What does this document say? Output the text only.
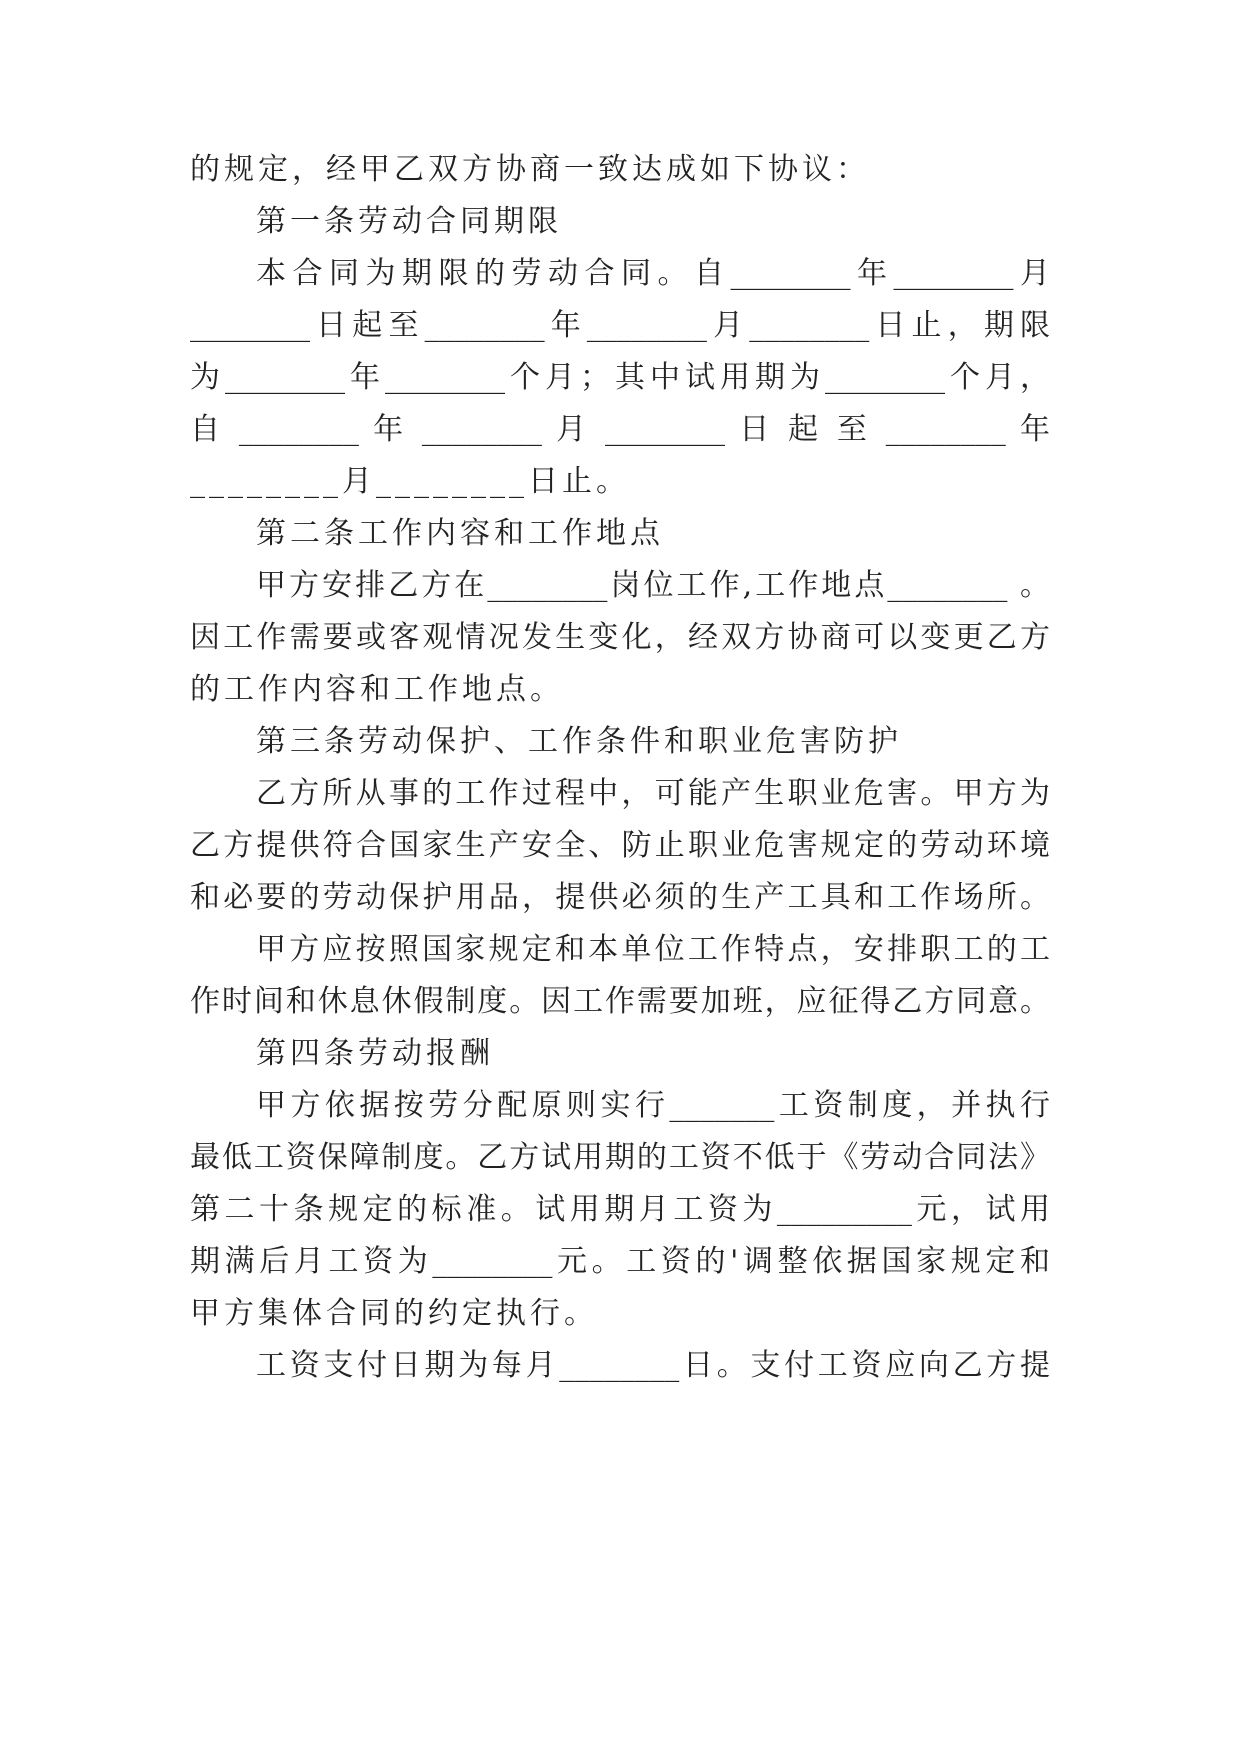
的规定，经甲乙双方协商一致达成如下协议：
第一条劳动合同期限
本合同为期限的劳动合同。自________年________月
________日起至________年________月________日止，期限
为________年________个月；其中试用期为________个月，
自 ________ 年 ________ 月 ________ 日 起 至 ________ 年
________月________日止。
第二条工作内容和工作地点
甲方安排乙方在________岗位工作,工作地点________ 。
因工作需要或客观情况发生变化，经双方协商可以变更乙方
的工作内容和工作地点。
第三条劳动保护、工作条件和职业危害防护
乙方所从事的工作过程中，可能产生职业危害。甲方为
乙方提供符合国家生产安全、防止职业危害规定的劳动环境
和必要的劳动保护用品，提供必须的生产工具和工作场所。
甲方应按照国家规定和本单位工作特点，安排职工的工
作时间和休息休假制度。因工作需要加班，应征得乙方同意。
第四条劳动报酬
甲方依据按劳分配原则实行_______工资制度，并执行
最低工资保障制度。乙方试用期的工资不低于《劳动合同法》
第二十条规定的标准。试用期月工资为_________元，试用
期满后月工资为________元。工资的'调整依据国家规定和
甲方集体合同的约定执行。
工资支付日期为每月________日。支付工资应向乙方提
